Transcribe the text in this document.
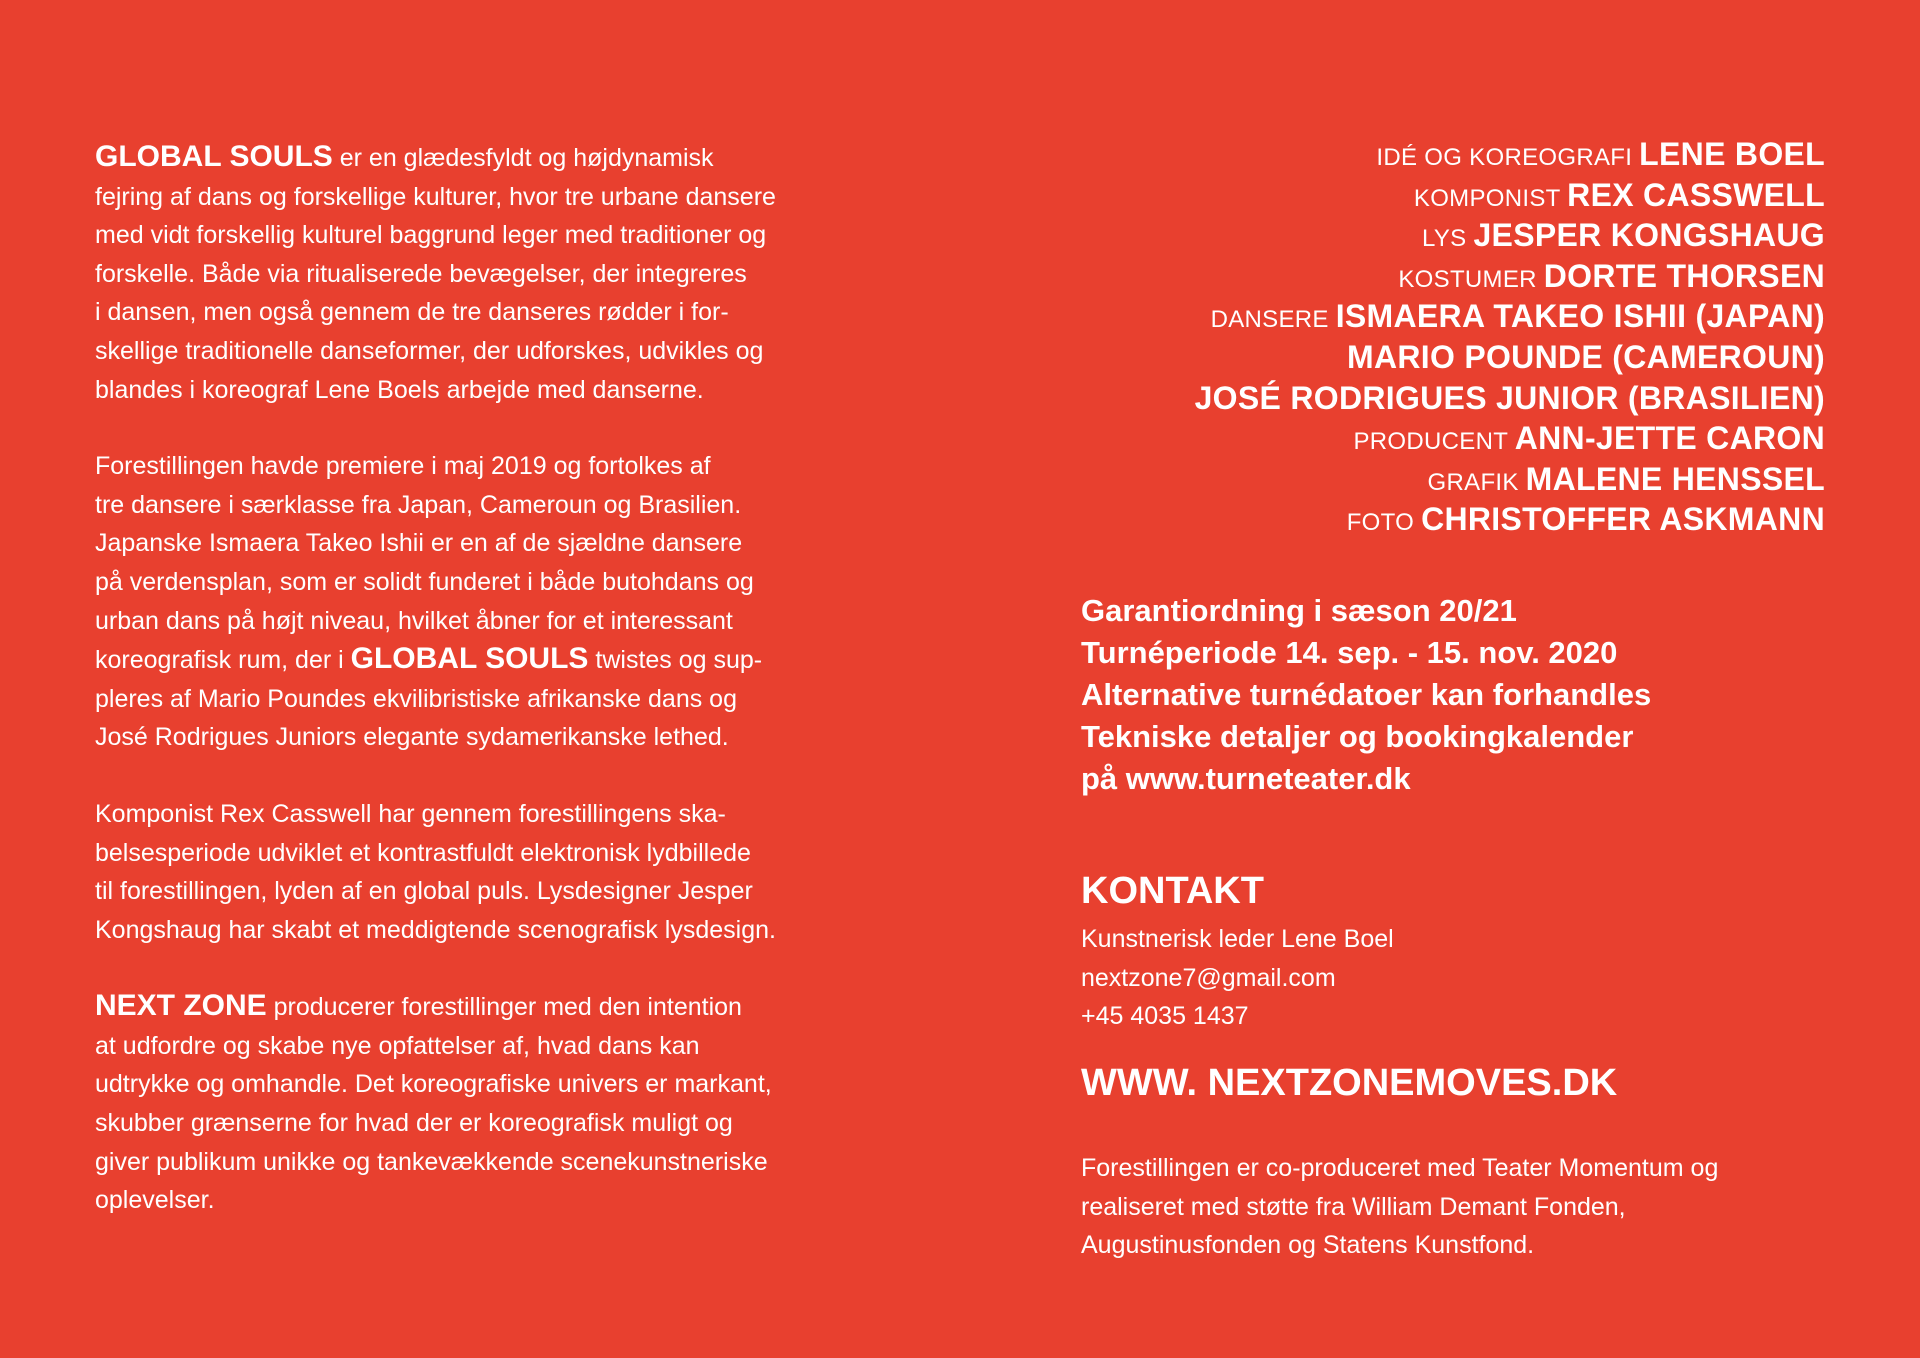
GLOBAL SOULS er en glædesfyldt og højdynamisk
fejring af dans og forskellige kulturer, hvor tre urbane dansere
med vidt forskellig kulturel baggrund leger med traditioner og
forskelle. Både via ritualiserede bevægelser, der integreres
i dansen, men også gennem de tre danseres rødder i for-
skellige traditionelle danseformer, der udforskes, udvikles og
blandes i koreograf Lene Boels arbejde med danserne.

Forestillingen havde premiere i maj 2019 og fortolkes af
tre dansere i særklasse fra Japan, Cameroun og Brasilien.
Japanske Ismaera Takeo Ishii er en af de sjældne dansere
på verdensplan, som er solidt funderet i både butohdans og
urban dans på højt niveau, hvilket åbner for et interessant
koreografisk rum, der i GLOBAL SOULS twistes og sup-
pleres af Mario Poundes ekvilibristiske afrikanske dans og
José Rodrigues Juniors elegante sydamerikanske lethed.

Komponist Rex Casswell har gennem forestillingens ska-
belsesperiode udviklet et kontrastfuldt elektronisk lydbillede
til forestillingen, lyden af en global puls. Lysdesigner Jesper
Kongshaug har skabt et meddigtende scenografisk lysdesign.

NEXT ZONE producerer forestillinger med den intention
at udfordre og skabe nye opfattelser af, hvad dans kan
udtrykke og omhandle. Det koreografiske univers er markant,
skubber grænserne for hvad der er koreografisk muligt og
giver publikum unikke og tankevækkende scenekunstneriske
oplevelser.

IDÉ OG KOREOGRAFI LENE BOEL
KOMPONIST REX CASSWELL
LYS JESPER KONGSHAUG
KOSTUMER DORTE THORSEN
DANSERE ISMAERA TAKEO ISHII (JAPAN)
MARIO POUNDE (CAMEROUN)
JOSÉ RODRIGUES JUNIOR (BRASILIEN)
PRODUCENT ANN-JETTE CARON
GRAFIK MALENE HENSSEL
FOTO CHRISTOFFER ASKMANN
Garantiordning i sæson 20/21
Turnéperiode 14. sep. - 15. nov. 2020
Alternative turnédatoer kan forhandles
Tekniske detaljer og bookingkalender
på www.turneteater.dk
KONTAKT
Kunstnerisk leder Lene Boel
nextzone7@gmail.com
+45 4035 1437
WWW. NEXTZONEMOVES.DK
Forestillingen er co-produceret med Teater Momentum og
realiseret med støtte fra William Demant Fonden,
Augustinusfonden og Statens Kunstfond.
